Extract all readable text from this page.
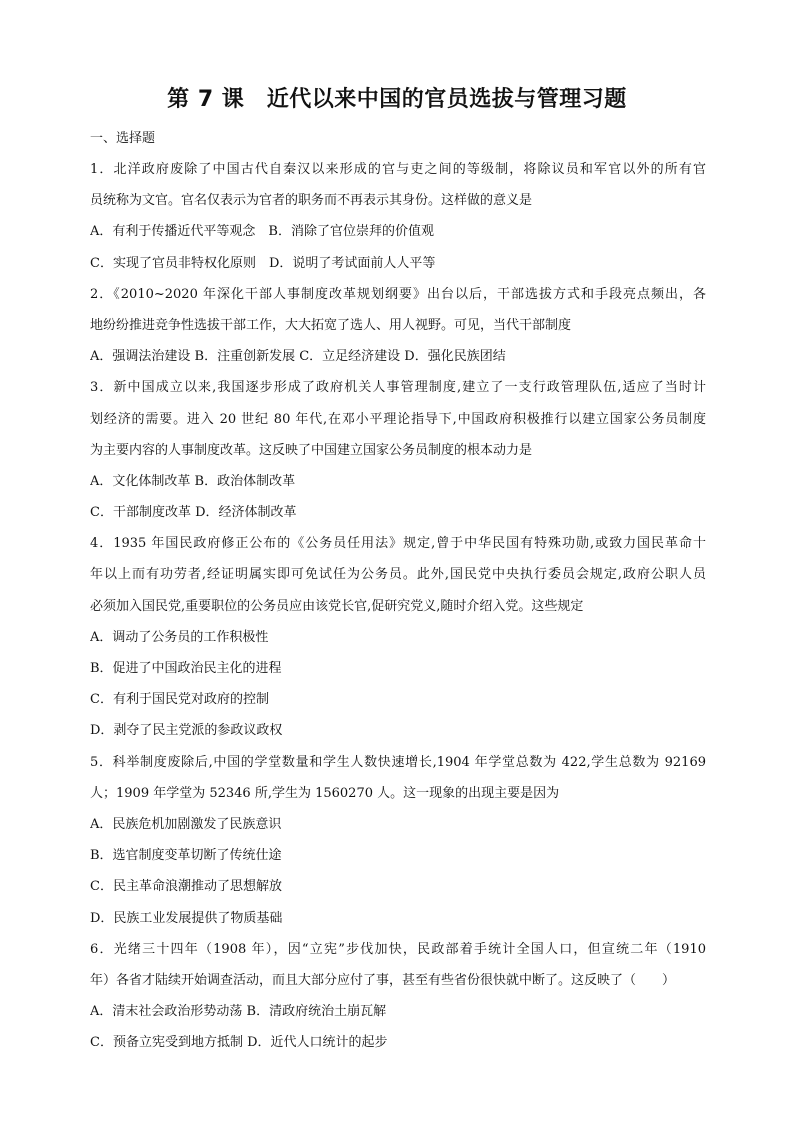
第 7 课　近代以来中国的官员选拔与管理习题
一、选择题
1．北洋政府废除了中国古代自秦汉以来形成的官与吏之间的等级制，将除议员和军官以外的所有官
员统称为文官。官名仅表示为官者的职务而不再表示其身份。这样做的意义是
A．有利于传播近代平等观念　B．消除了官位崇拜的价值观
C．实现了官员非特权化原则　D．说明了考试面前人人平等
2．《2010~2020 年深化干部人事制度改革规划纲要》出台以后，干部选拔方式和手段亮点频出，各
地纷纷推进竞争性选拔干部工作，大大拓宽了选人、用人视野。可见，当代干部制度
A．强调法治建设 B．注重创新发展 C．立足经济建设 D．强化民族团结
3．新中国成立以来,我国逐步形成了政府机关人事管理制度,建立了一支行政管理队伍,适应了当时计
划经济的需要。进入 20 世纪 80 年代,在邓小平理论指导下,中国政府积极推行以建立国家公务员制度
为主要内容的人事制度改革。这反映了中国建立国家公务员制度的根本动力是
A．文化体制改革 B．政治体制改革
C．干部制度改革 D．经济体制改革
4．1935 年国民政府修正公布的《公务员任用法》规定,曾于中华民国有特殊功勋,或致力国民革命十
年以上而有功劳者,经证明属实即可免试任为公务员。此外,国民党中央执行委员会规定,政府公职人员
必须加入国民党,重要职位的公务员应由该党长官,促研究党义,随时介绍入党。这些规定
A．调动了公务员的工作积极性
B．促进了中国政治民主化的进程
C．有利于国民党对政府的控制
D．剥夺了民主党派的参政议政权
5．科举制度废除后,中国的学堂数量和学生人数快速增长,1904 年学堂总数为 422,学生总数为 92169
人；1909 年学堂为 52346 所,学生为 1560270 人。这一现象的出现主要是因为
A．民族危机加剧激发了民族意识
B．选官制度变革切断了传统仕途
C．民主革命浪潮推动了思想解放
D．民族工业发展提供了物质基础
6．光绪三十四年（1908 年），因“立宪”步伐加快，民政部着手统计全国人口，但宣统二年（1910
年）各省才陆续开始调查活动，而且大部分应付了事，甚至有些省份很快就中断了。这反映了（　　）
A．清末社会政治形势动荡 B．清政府统治土崩瓦解
C．预备立宪受到地方抵制 D．近代人口统计的起步
